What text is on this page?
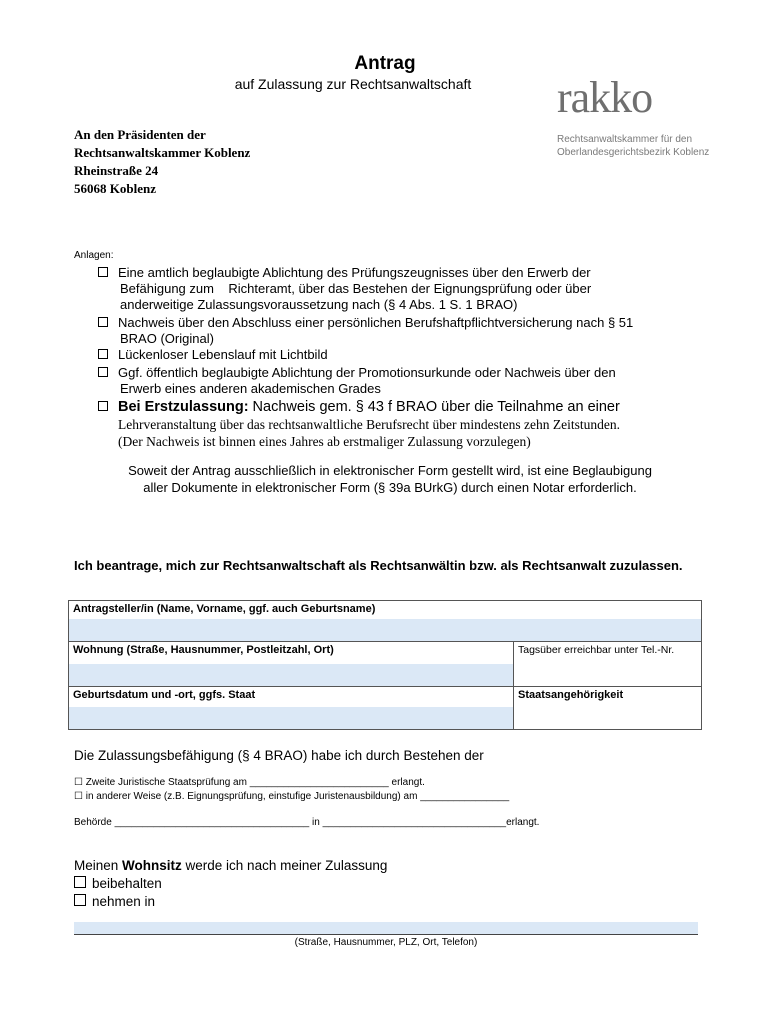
Antrag
auf Zulassung zur Rechtsanwaltschaft	rakko
Rechtsanwaltskammer für den
Oberlandesgerichtsbezirk Koblenz
An den Präsidenten der
Rechtsanwaltskammer Koblenz
Rheinstraße 24
56068 Koblenz
Anlagen:
Eine amtlich beglaubigte Ablichtung des Prüfungszeugnisses über den Erwerb der
Befähigung zum    Richteramt, über das Bestehen der Eignungsprüfung oder über
anderweitige Zulassungsvoraussetzung nach (§ 4 Abs. 1 S. 1 BRAO)
Nachweis über den Abschluss einer persönlichen Berufshaftpflichtversicherung nach § 51
BRAO (Original)
Lückenloser Lebenslauf mit Lichtbild
Ggf. öffentlich beglaubigte Ablichtung der Promotionsurkunde oder Nachweis über den
Erwerb eines anderen akademischen Grades
Bei Erstzulassung: Nachweis gem. § 43 f BRAO über die Teilnahme an einer
Lehrveranstaltung über das rechtsanwaltliche Berufsrecht über mindestens zehn Zeitstunden.
(Der Nachweis ist binnen eines Jahres ab erstmaliger Zulassung vorzulegen)
Soweit der Antrag ausschließlich in elektronischer Form gestellt wird, ist eine Beglaubigung
aller Dokumente in elektronischer Form (§ 39a BUrkG) durch einen Notar erforderlich.
Ich beantrage, mich zur Rechtsanwaltschaft als Rechtsanwältin bzw. als Rechtsanwalt zuzulassen.
Antragsteller/in (Name, Vorname, ggf. auch Geburtsname)	

Wohnung (Straße, Hausnummer, Postleitzahl, Ort)	Tagsüber erreichbar unter Tel.-Nr.

Geburtsdatum und -ort, ggfs. Staat	Staatsangehörigkeit
Die Zulassungsbefähigung (§ 4 BRAO) habe ich durch Bestehen der
☐ Zweite Juristische Staatsprüfung am _________________________ erlangt.
☐ in anderer Weise (z.B. Eignungsprüfung, einstufige Juristenausbildung) am ________________
Behörde ___________________________________ in _________________________________erlangt.
Meinen Wohnsitz werde ich nach meiner Zulassung
beibehalten
nehmen in
(Straße, Hausnummer, PLZ, Ort, Telefon)
